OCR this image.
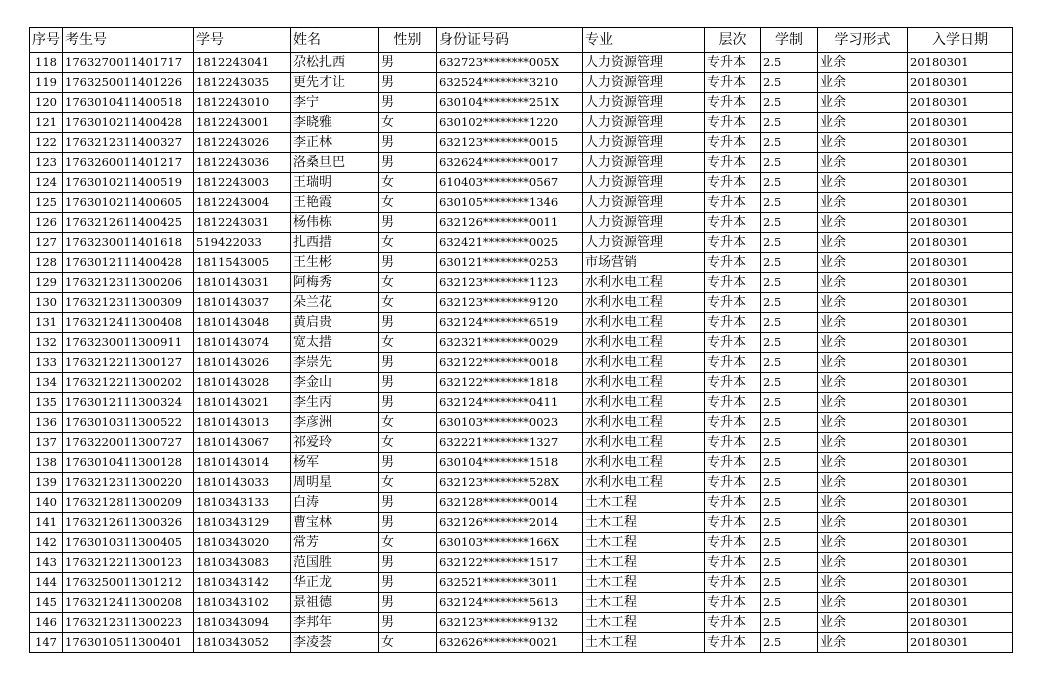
序号	考生号	学号	姓名	性别	身份证号码	专业	层次	学制	学习形式	入学日期
118	1763270011401717	1812243041	尕松扎西	男	632723********005X	人力资源管理	专升本	2.5	业余	20180301
119	1763250011401226	1812243035	更先才让	男	632524********3210	人力资源管理	专升本	2.5	业余	20180301
120	1763010411400518	1812243010	李宁	男	630104********251X	人力资源管理	专升本	2.5	业余	20180301
121	1763010211400428	1812243001	李晓雅	女	630102********1220	人力资源管理	专升本	2.5	业余	20180301
122	1763212311400327	1812243026	李正林	男	632123********0015	人力资源管理	专升本	2.5	业余	20180301
123	1763260011401217	1812243036	洛桑旦巴	男	632624********0017	人力资源管理	专升本	2.5	业余	20180301
124	1763010211400519	1812243003	王瑞明	女	610403********0567	人力资源管理	专升本	2.5	业余	20180301
125	1763010211400605	1812243004	王艳霞	女	630105********1346	人力资源管理	专升本	2.5	业余	20180301
126	1763212611400425	1812243031	杨伟栋	男	632126********0011	人力资源管理	专升本	2.5	业余	20180301
127	1763230011401618	519422033	扎西措	女	632421********0025	人力资源管理	专升本	2.5	业余	20180301
128	1763012111400428	1811543005	王生彬	男	630121********0253	市场营销	专升本	2.5	业余	20180301
129	1763212311300206	1810143031	阿梅秀	女	632123********1123	水利水电工程	专升本	2.5	业余	20180301
130	1763212311300309	1810143037	朵兰花	女	632123********9120	水利水电工程	专升本	2.5	业余	20180301
131	1763212411300408	1810143048	黄启贵	男	632124********6519	水利水电工程	专升本	2.5	业余	20180301
132	1763230011300911	1810143074	宽太措	女	632321********0029	水利水电工程	专升本	2.5	业余	20180301
133	1763212211300127	1810143026	李崇先	男	632122********0018	水利水电工程	专升本	2.5	业余	20180301
134	1763212211300202	1810143028	李金山	男	632122********1818	水利水电工程	专升本	2.5	业余	20180301
135	1763012111300324	1810143021	李生丙	男	632124********0411	水利水电工程	专升本	2.5	业余	20180301
136	1763010311300522	1810143013	李彦洲	女	630103********0023	水利水电工程	专升本	2.5	业余	20180301
137	1763220011300727	1810143067	祁爱玲	女	632221********1327	水利水电工程	专升本	2.5	业余	20180301
138	1763010411300128	1810143014	杨军	男	630104********1518	水利水电工程	专升本	2.5	业余	20180301
139	1763212311300220	1810143033	周明星	女	632123********528X	水利水电工程	专升本	2.5	业余	20180301
140	1763212811300209	1810343133	白涛	男	632128********0014	土木工程	专升本	2.5	业余	20180301
141	1763212611300326	1810343129	曹宝林	男	632126********2014	土木工程	专升本	2.5	业余	20180301
142	1763010311300405	1810343020	常芳	女	630103********166X	土木工程	专升本	2.5	业余	20180301
143	1763212211300123	1810343083	范国胜	男	632122********1517	土木工程	专升本	2.5	业余	20180301
144	1763250011301212	1810343142	华正龙	男	632521********3011	土木工程	专升本	2.5	业余	20180301
145	1763212411300208	1810343102	景祖德	男	632124********5613	土木工程	专升本	2.5	业余	20180301
146	1763212311300223	1810343094	李邦年	男	632123********9132	土木工程	专升本	2.5	业余	20180301
147	1763010511300401	1810343052	李凌荟	女	632626********0021	土木工程	专升本	2.5	业余	20180301
